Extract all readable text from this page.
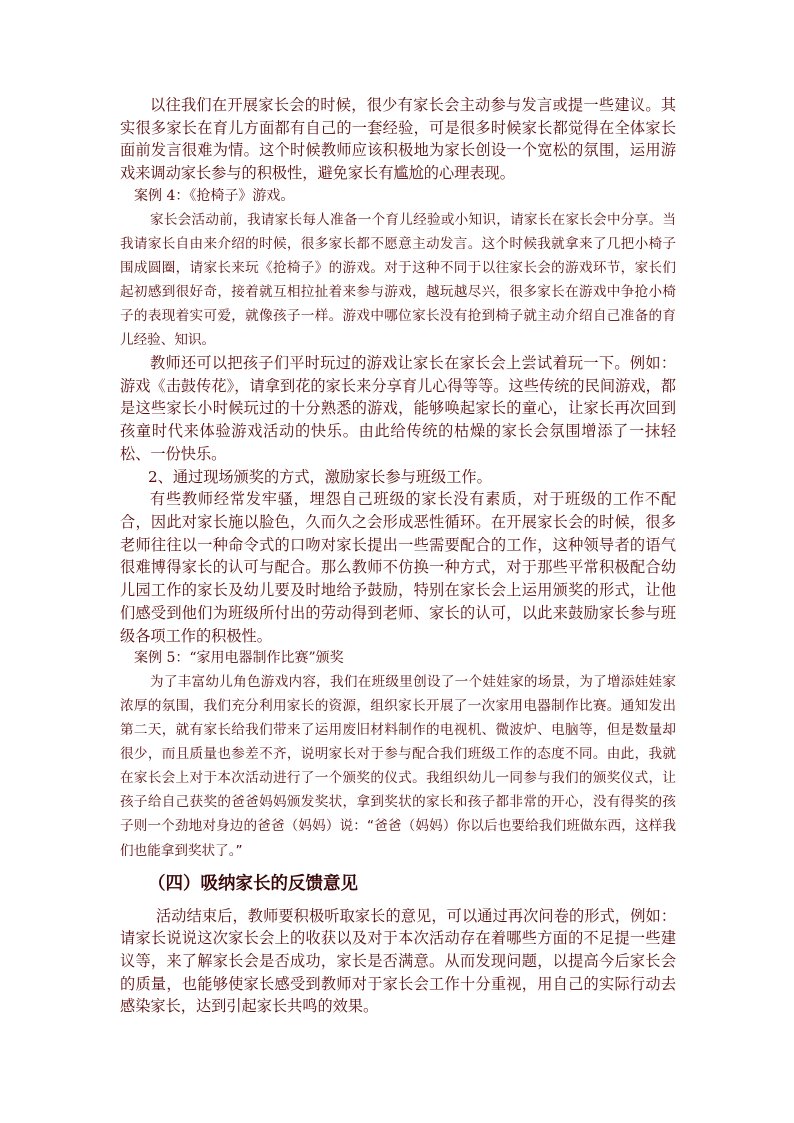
以往我们在开展家长会的时候，很少有家长会主动参与发言或提一些建议。其实很多家长在育儿方面都有自己的一套经验，可是很多时候家长都觉得在全体家长面前发言很难为情。这个时候教师应该积极地为家长创设一个宽松的氛围，运用游戏来调动家长参与的积极性，避免家长有尴尬的心理表现。

案例 4：《抢椅子》游戏。

家长会活动前，我请家长每人准备一个育儿经验或小知识，请家长在家长会中分享。当我请家长自由来介绍的时候，很多家长都不愿意主动发言。这个时候我就拿来了几把小椅子围成圆圈，请家长来玩《抢椅子》的游戏。对于这种不同于以往家长会的游戏环节，家长们起初感到很好奇，接着就互相拉扯着来参与游戏，越玩越尽兴，很多家长在游戏中争抢小椅子的表现着实可爱，就像孩子一样。游戏中哪位家长没有抢到椅子就主动介绍自己准备的育儿经验、知识。

教师还可以把孩子们平时玩过的游戏让家长在家长会上尝试着玩一下。例如：游戏《击鼓传花》，请拿到花的家长来分享育儿心得等等。这些传统的民间游戏，都是这些家长小时候玩过的十分熟悉的游戏，能够唤起家长的童心，让家长再次回到孩童时代来体验游戏活动的快乐。由此给传统的枯燥的家长会氛围增添了一抹轻松、一份快乐。

2、通过现场颁奖的方式，激励家长参与班级工作。

有些教师经常发牢骚，埋怨自己班级的家长没有素质，对于班级的工作不配合，因此对家长施以脸色，久而久之会形成恶性循环。在开展家长会的时候，很多老师往往以一种命令式的口吻对家长提出一些需要配合的工作，这种领导者的语气很难博得家长的认可与配合。那么教师不仿换一种方式，对于那些平常积极配合幼儿园工作的家长及幼儿要及时地给予鼓励，特别在家长会上运用颁奖的形式，让他们感受到他们为班级所付出的劳动得到老师、家长的认可，以此来鼓励家长参与班级各项工作的积极性。

案例 5：“家用电器制作比赛”颁奖

为了丰富幼儿角色游戏内容，我们在班级里创设了一个娃娃家的场景，为了增添娃娃家浓厚的氛围，我们充分利用家长的资源，组织家长开展了一次家用电器制作比赛。通知发出第二天，就有家长给我们带来了运用废旧材料制作的电视机、微波炉、电脑等，但是数量却很少，而且质量也参差不齐，说明家长对于参与配合我们班级工作的态度不同。由此，我就在家长会上对于本次活动进行了一个颁奖的仪式。我组织幼儿一同参与我们的颁奖仪式，让孩子给自己获奖的爸爸妈妈颁发奖状，拿到奖状的家长和孩子都非常的开心，没有得奖的孩子则一个劲地对身边的爸爸（妈妈）说：“爸爸（妈妈）你以后也要给我们班做东西，这样我们也能拿到奖状了。”

（四）吸纳家长的反馈意见

活动结束后，教师要积极听取家长的意见，可以通过再次问卷的形式，例如：请家长说说这次家长会上的收获以及对于本次活动存在着哪些方面的不足提一些建议等，来了解家长会是否成功，家长是否满意。从而发现问题，以提高今后家长会的质量，也能够使家长感受到教师对于家长会工作十分重视，用自己的实际行动去感染家长，达到引起家长共鸣的效果。
